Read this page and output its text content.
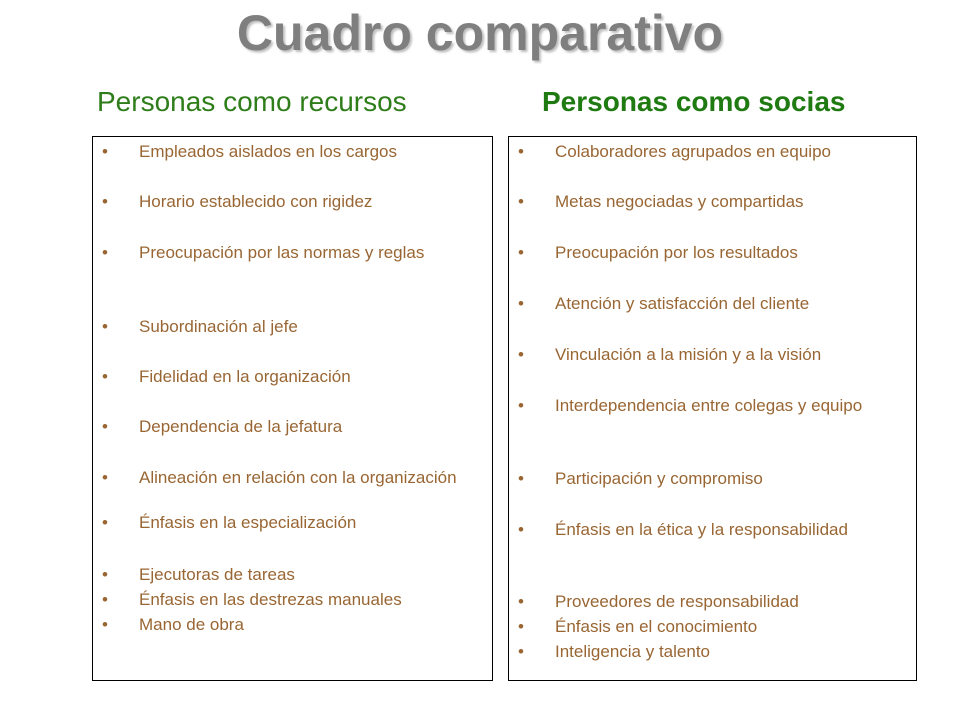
Cuadro comparativo
Personas como recursos	Personas como socias
•	Empleados aislados en los cargos
•	Horario establecido con rigidez
•	Preocupación por las normas y reglas
•	Subordinación al jefe
•	Fidelidad en la organización
•	Dependencia de la jefatura
•	Alineación en relación con la organización
•	Énfasis en la especialización
•	Ejecutoras de tareas
•	Énfasis en las destrezas manuales
•	Mano de obra
•	Colaboradores agrupados en equipo
•	Metas negociadas y compartidas
•	Preocupación por los resultados
•	Atención y satisfacción del cliente
•	Vinculación a la misión y a la visión
•	Interdependencia entre colegas y equipo
•	Participación y compromiso
•	Énfasis en la ética y la responsabilidad
•	Proveedores de responsabilidad
•	Énfasis en el conocimiento
•	Inteligencia y talento
